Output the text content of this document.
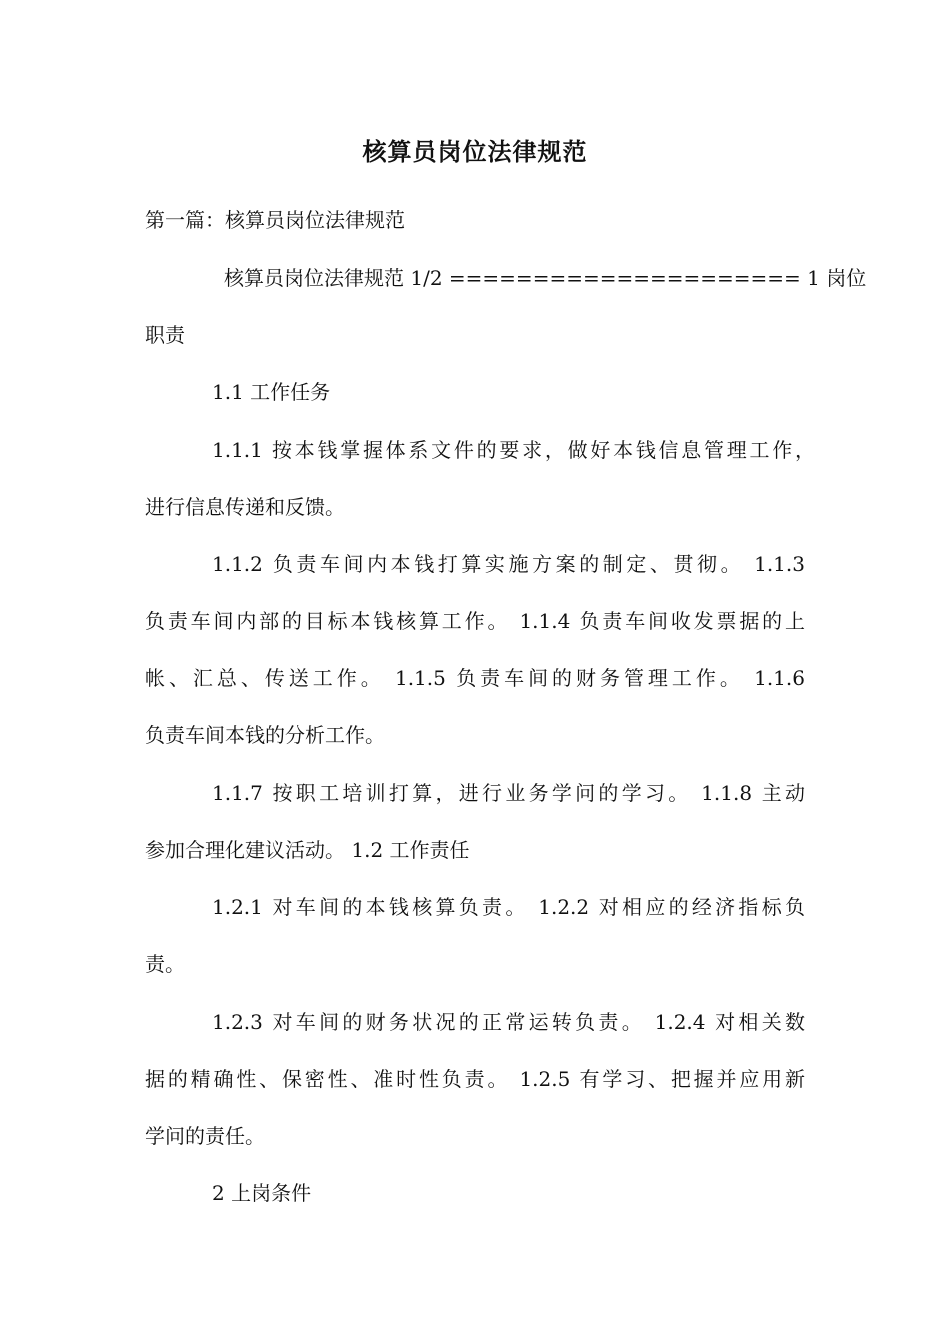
核算员岗位法律规范
第一篇：核算员岗位法律规范
核算员岗位法律规范 1/2 ===================== 1 岗位
职责
1.1 工作任务
1.1.1 按本钱掌握体系文件的要求，做好本钱信息管理工作，
进行信息传递和反馈。
1.1.2 负责车间内本钱打算实施方案的制定、贯彻。 1.1.3
负责车间内部的目标本钱核算工作。 1.1.4 负责车间收发票据的上
帐、汇总、传送工作。 1.1.5 负责车间的财务管理工作。 1.1.6
负责车间本钱的分析工作。
1.1.7 按职工培训打算，进行业务学问的学习。 1.1.8 主动
参加合理化建议活动。 1.2 工作责任
1.2.1 对车间的本钱核算负责。 1.2.2 对相应的经济指标负
责。
1.2.3 对车间的财务状况的正常运转负责。 1.2.4 对相关数
据的精确性、保密性、准时性负责。 1.2.5 有学习、把握并应用新
学问的责任。
2 上岗条件
